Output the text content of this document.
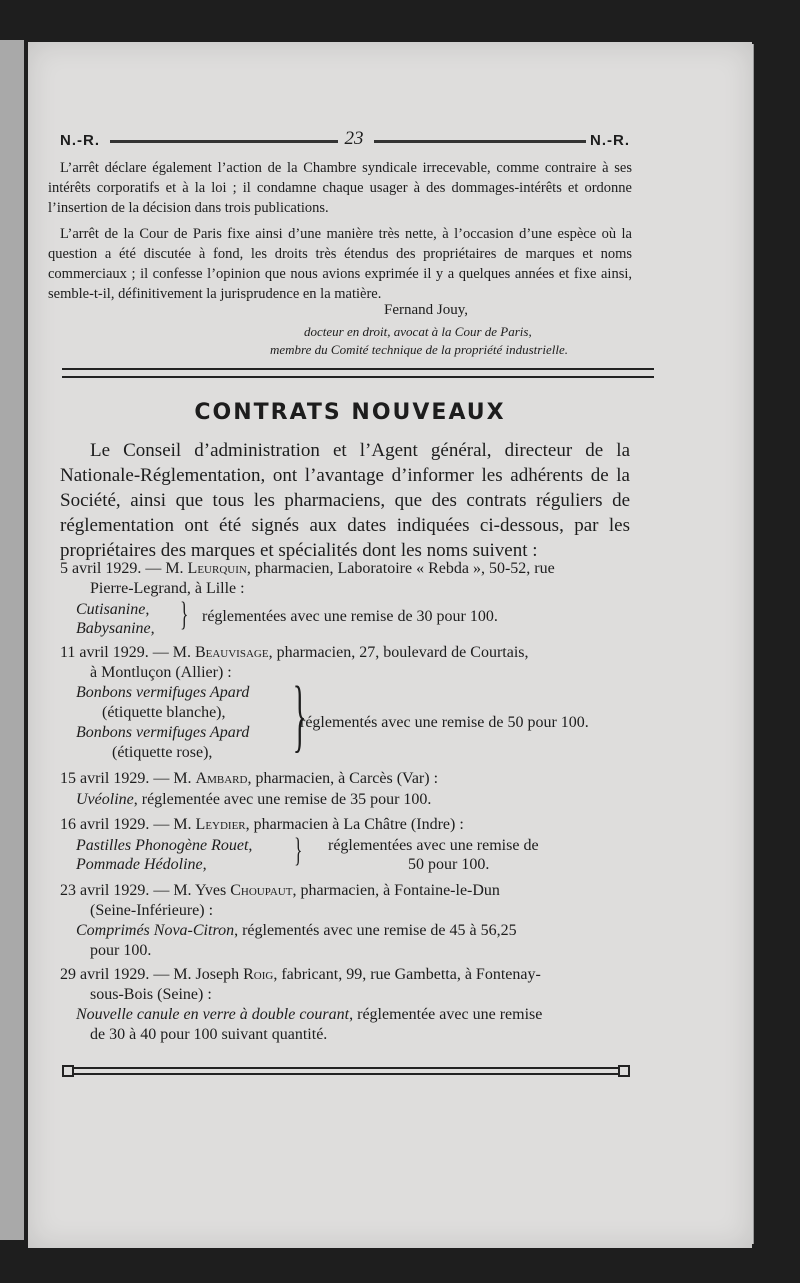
N.-R.	23	N.-R.
L’arrêt déclare également l’action de la Chambre syndicale irrecevable, comme contraire à ses intérêts corporatifs et à la loi ; il condamne chaque usager à des dommages-intérêts et ordonne l’insertion de la décision dans trois publications.
L’arrêt de la Cour de Paris fixe ainsi d’une manière très nette, à l’occasion d’une espèce où la question a été discutée à fond, les droits très étendus des propriétaires de marques et noms commerciaux ; il confesse l’opinion que nous avions exprimée il y a quelques années et fixe ainsi, semble-t-il, définitivement la jurisprudence en la matière.
Fernand Jouy,
docteur en droit, avocat à la Cour de Paris,
membre du Comité technique de la propriété industrielle.
CONTRATS NOUVEAUX
Le Conseil d’administration et l’Agent général, directeur de la Nationale-Réglementation, ont l’avantage d’informer les adhérents de la Société, ainsi que tous les pharmaciens, que des contrats réguliers de réglementation ont été signés aux dates indiquées ci-dessous, par les propriétaires des marques et spécialités dont les noms suivent :
5 avril 1929. — M. Leurquin, pharmacien, Laboratoire « Rebda », 50-52, rue
Pierre-Legrand, à Lille :
Cutisanine,
Babysanine, } réglementées avec une remise de 30 pour 100.
11 avril 1929. — M. Beauvisage, pharmacien, 27, boulevard de Courtais,
à Montluçon (Allier) :
Bonbons vermifuges Apard
(étiquette blanche),
Bonbons vermifuges Apard
(étiquette rose), }
réglementés avec une remise de 50 pour 100.
15 avril 1929. — M. Ambard, pharmacien, à Carcès (Var) :
Uvéoline, réglementée avec une remise de 35 pour 100.
16 avril 1929. — M. Leydier, pharmacien à La Châtre (Indre) :
Pastilles Phonogène Rouet,
Pommade Hédoline,	} réglementées avec une remise de
50 pour 100.
23 avril 1929. — M. Yves Choupaut, pharmacien, à Fontaine-le-Dun
(Seine-Inférieure) :
Comprimés Nova-Citron, réglementés avec une remise de 45 à 56,25
pour 100.
29 avril 1929. — M. Joseph Roig, fabricant, 99, rue Gambetta, à Fontenay-
sous-Bois (Seine) :
Nouvelle canule en verre à double courant, réglementée avec une remise
de 30 à 40 pour 100 suivant quantité.
